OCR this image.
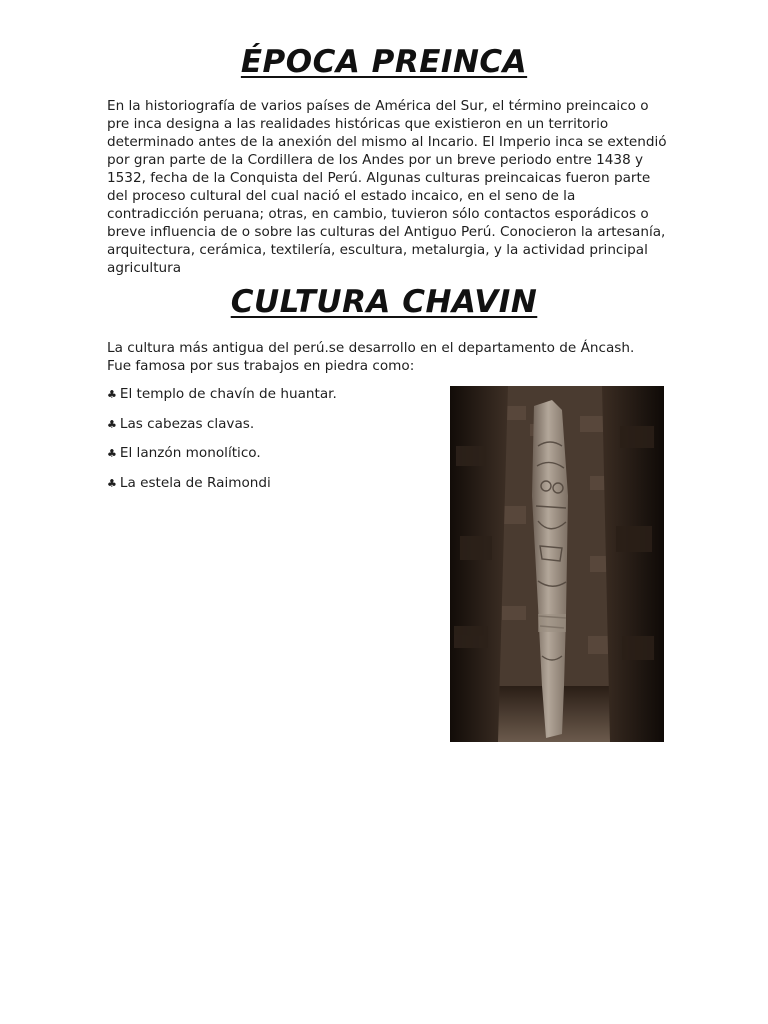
ÉPOCA PREINCA

En la historiografía de varios países de América del Sur, el término preincaico o pre inca designa a las realidades históricas que existieron en un territorio determinado antes de la anexión del mismo al Incario. El Imperio inca se extendió por gran parte de la Cordillera de los Andes por un breve periodo entre 1438 y 1532, fecha de la Conquista del Perú. Algunas culturas preincaicas fueron parte del proceso cultural del cual nació el estado incaico, en el seno de la contradicción peruana; otras, en cambio, tuvieron sólo contactos esporádicos o breve influencia de o sobre las culturas del Antiguo Perú. Conocieron la artesanía, arquitectura, cerámica, textilería, escultura, metalurgia, y la actividad principal agricultura

CULTURA CHAVIN

La cultura más antigua del perú.se desarrollo en el departamento de Áncash.
Fue famosa por sus trabajos en piedra como:

♣ El templo de chavín de huantar.
♣ Las cabezas clavas.
♣ El lanzón monolítico.
♣ La estela de Raimondi
